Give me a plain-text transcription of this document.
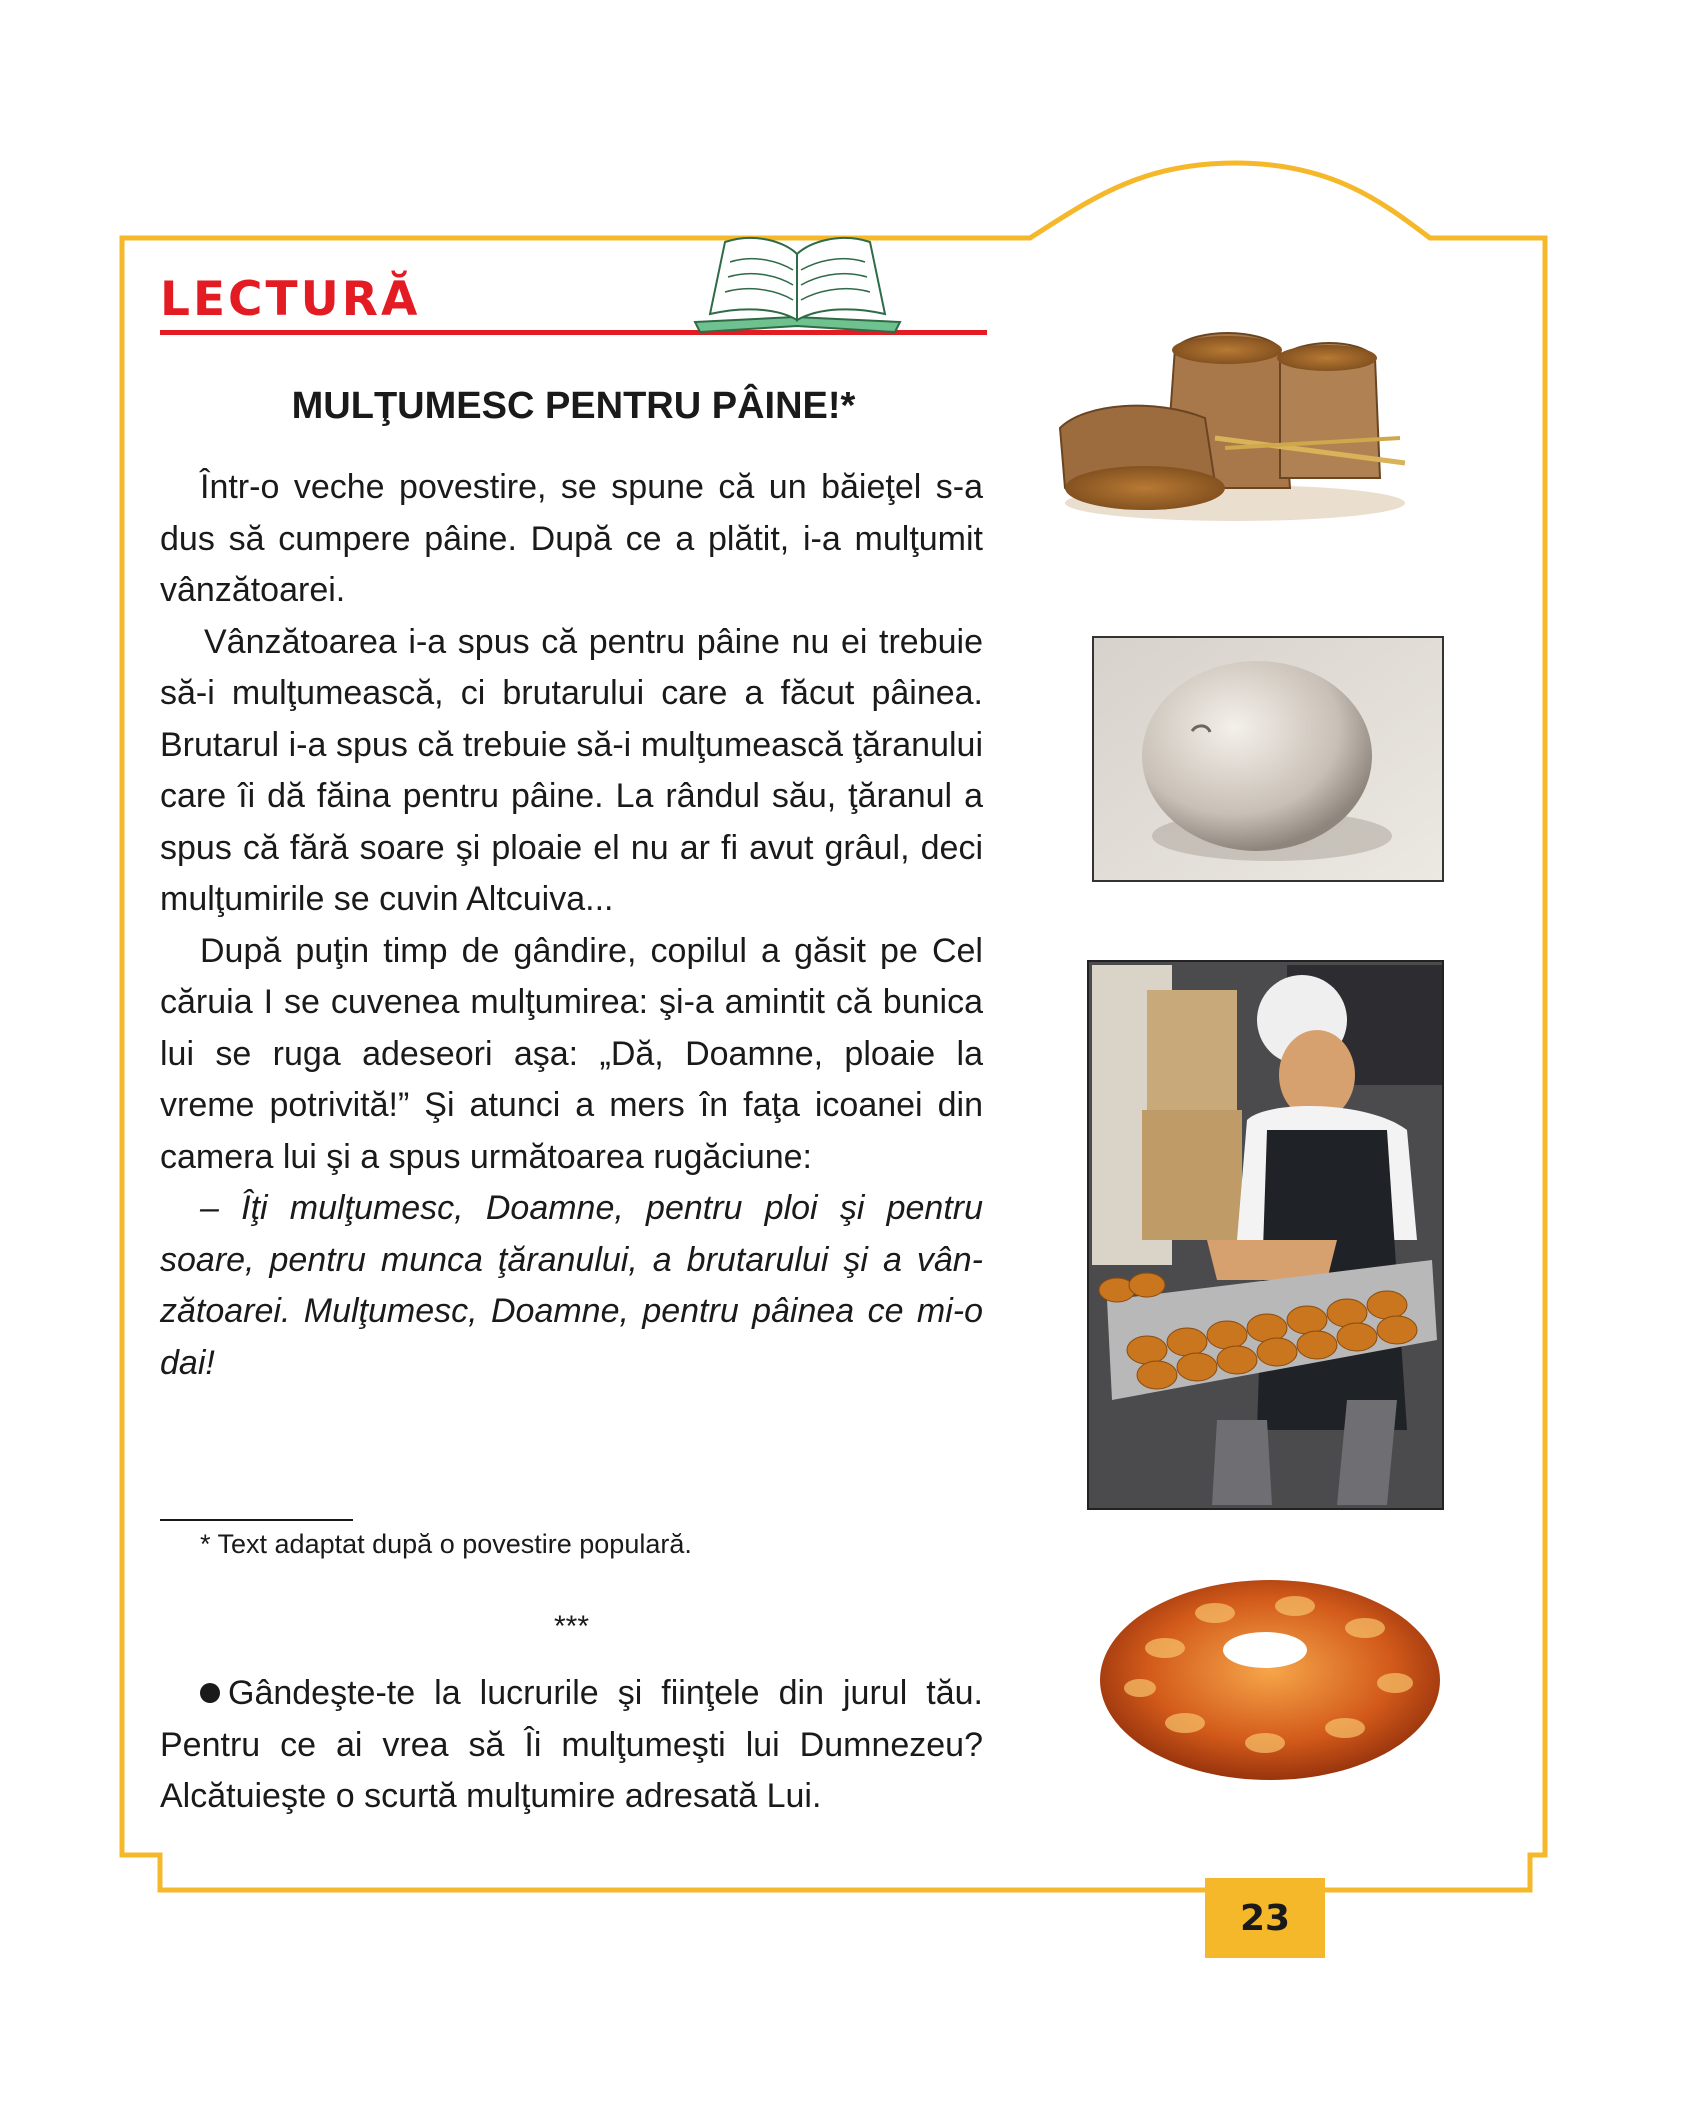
LECTURĂ
MULŢUMESC PENTRU PÂINE!*

Într-o veche povestire, se spune că un băieţel s-a dus să cumpere pâine. După ce a plătit, i-a mulţumit vânzătoarei.

Vânzătoarea i-a spus că pentru pâine nu ei trebuie să-i mulţumească, ci brutarului care a făcut pâinea. Brutarul i-a spus că trebuie să-i mulţumească ţăranului care îi dă făina pentru pâine. La rândul său, ţăranul a spus că fără soare şi ploaie el nu ar fi avut grâul, deci mulţumirile se cuvin Altcuiva...

După puţin timp de gândire, copilul a găsit pe Cel căruia I se cuvenea mulţumirea: şi-a amintit că bunica lui se ruga adeseori aşa: „Dă, Doamne, ploaie la vreme potrivită!” Şi atunci a mers în faţa icoanei din camera lui şi a spus următoarea rugăciune:

– Îţi mulţumesc, Doamne, pentru ploi şi pentru soare, pentru munca ţăranului, a brutarului şi a vânzătoarei. Mulţumesc, Doamne, pentru pâinea ce mi-o dai!

* Text adaptat după o povestire populară.
***
Gândeşte-te la lucrurile şi fiinţele din jurul tău. Pentru ce ai vrea să Îi mulţumeşti lui Dumnezeu? Alcătuieşte o scurtă mulţumire adresată Lui.
23
